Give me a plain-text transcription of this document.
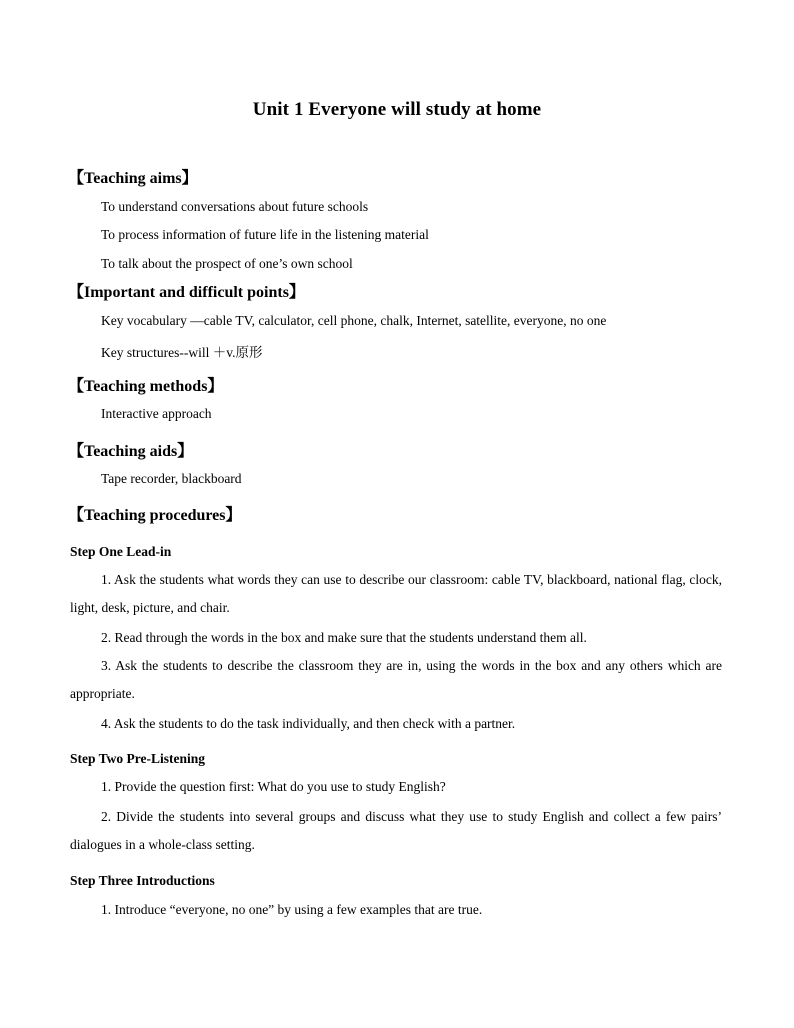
Unit 1 Everyone will study at home
【Teaching aims】
To understand conversations about future schools
To process information of future life in the listening material
To talk about the prospect of one’s own school
【Important and difficult points】
Key vocabulary —cable TV, calculator, cell phone, chalk, Internet, satellite, everyone, no one
Key structures--will ＋v.原形
【Teaching methods】
Interactive approach
【Teaching aids】
Tape recorder, blackboard
【Teaching procedures】
Step One Lead-in
1. Ask the students what words they can use to describe our classroom: cable TV, blackboard, national flag, clock, light, desk, picture, and chair.
2. Read through the words in the box and make sure that the students understand them all.
3. Ask the students to describe the classroom they are in, using the words in the box and any others which are appropriate.
4. Ask the students to do the task individually, and then check with a partner.
Step Two Pre-Listening
1. Provide the question first: What do you use to study English?
2. Divide the students into several groups and discuss what they use to study English and collect a few pairs’ dialogues in a whole-class setting.
Step Three Introductions
1. Introduce “everyone, no one” by using a few examples that are true.
